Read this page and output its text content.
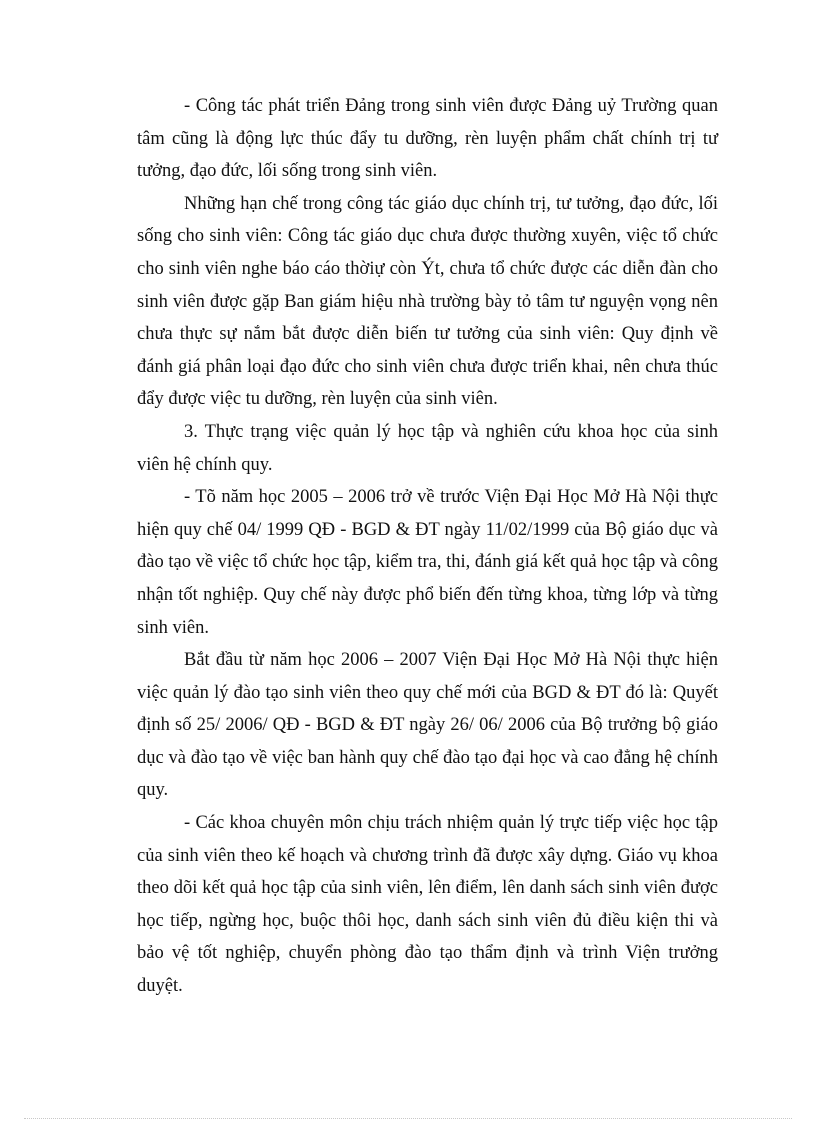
- Công tác phát triển Đảng trong sinh viên được Đảng uỷ Trường quan tâm cũng là động lực thúc đẩy tu dưỡng, rèn luyện phẩm chất chính trị tư tưởng, đạo đức, lối sống trong sinh viên.

Những hạn chế trong công tác giáo dục chính trị, tư tưởng, đạo đức, lối sống cho sinh viên: Công tác giáo dục chưa được thường xuyên, việc tổ chức cho sinh viên nghe báo cáo thờiự còn Ýt, chưa tổ chức được các diễn đàn cho sinh viên được gặp Ban giám hiệu nhà trường bày tỏ tâm tư nguyện vọng nên chưa thực sự nắm bắt được diễn biến tư tưởng của sinh viên: Quy định về đánh giá phân loại đạo đức cho sinh viên chưa được triển khai, nên chưa thúc đẩy được việc tu dưỡng, rèn luyện của sinh viên.

3. Thực trạng việc quản lý học tập và nghiên cứu khoa học của sinh viên hệ chính quy.

- Tõ năm học 2005 – 2006 trở về trước Viện Đại Học Mở Hà Nội thực hiện quy chế 04/ 1999 QĐ - BGD & ĐT ngày 11/02/1999 của Bộ giáo dục và đào tạo về việc tổ chức học tập, kiểm tra, thi, đánh giá kết quả học tập và công nhận tốt nghiệp. Quy chế này được phổ biến đến từng khoa, từng lớp và từng sinh viên.

Bắt đầu từ năm học 2006 – 2007 Viện Đại Học Mở Hà Nội thực hiện việc quản lý đào tạo sinh viên theo quy chế mới của BGD & ĐT đó là: Quyết định số 25/ 2006/ QĐ - BGD & ĐT ngày 26/ 06/ 2006 của Bộ trưởng bộ giáo dục và đào tạo về việc ban hành quy chế đào tạo đại học và cao đẳng hệ chính quy.

- Các khoa chuyên môn chịu trách nhiệm quản lý trực tiếp việc học tập của sinh viên theo kế hoạch và chương trình đã được xây dựng. Giáo vụ khoa theo dõi kết quả học tập của sinh viên, lên điểm, lên danh sách sinh viên được học tiếp, ngừng học, buộc thôi học, danh sách sinh viên đủ điều kiện thi và bảo vệ tốt nghiệp, chuyển phòng đào tạo thẩm định và trình Viện trưởng duyệt.
